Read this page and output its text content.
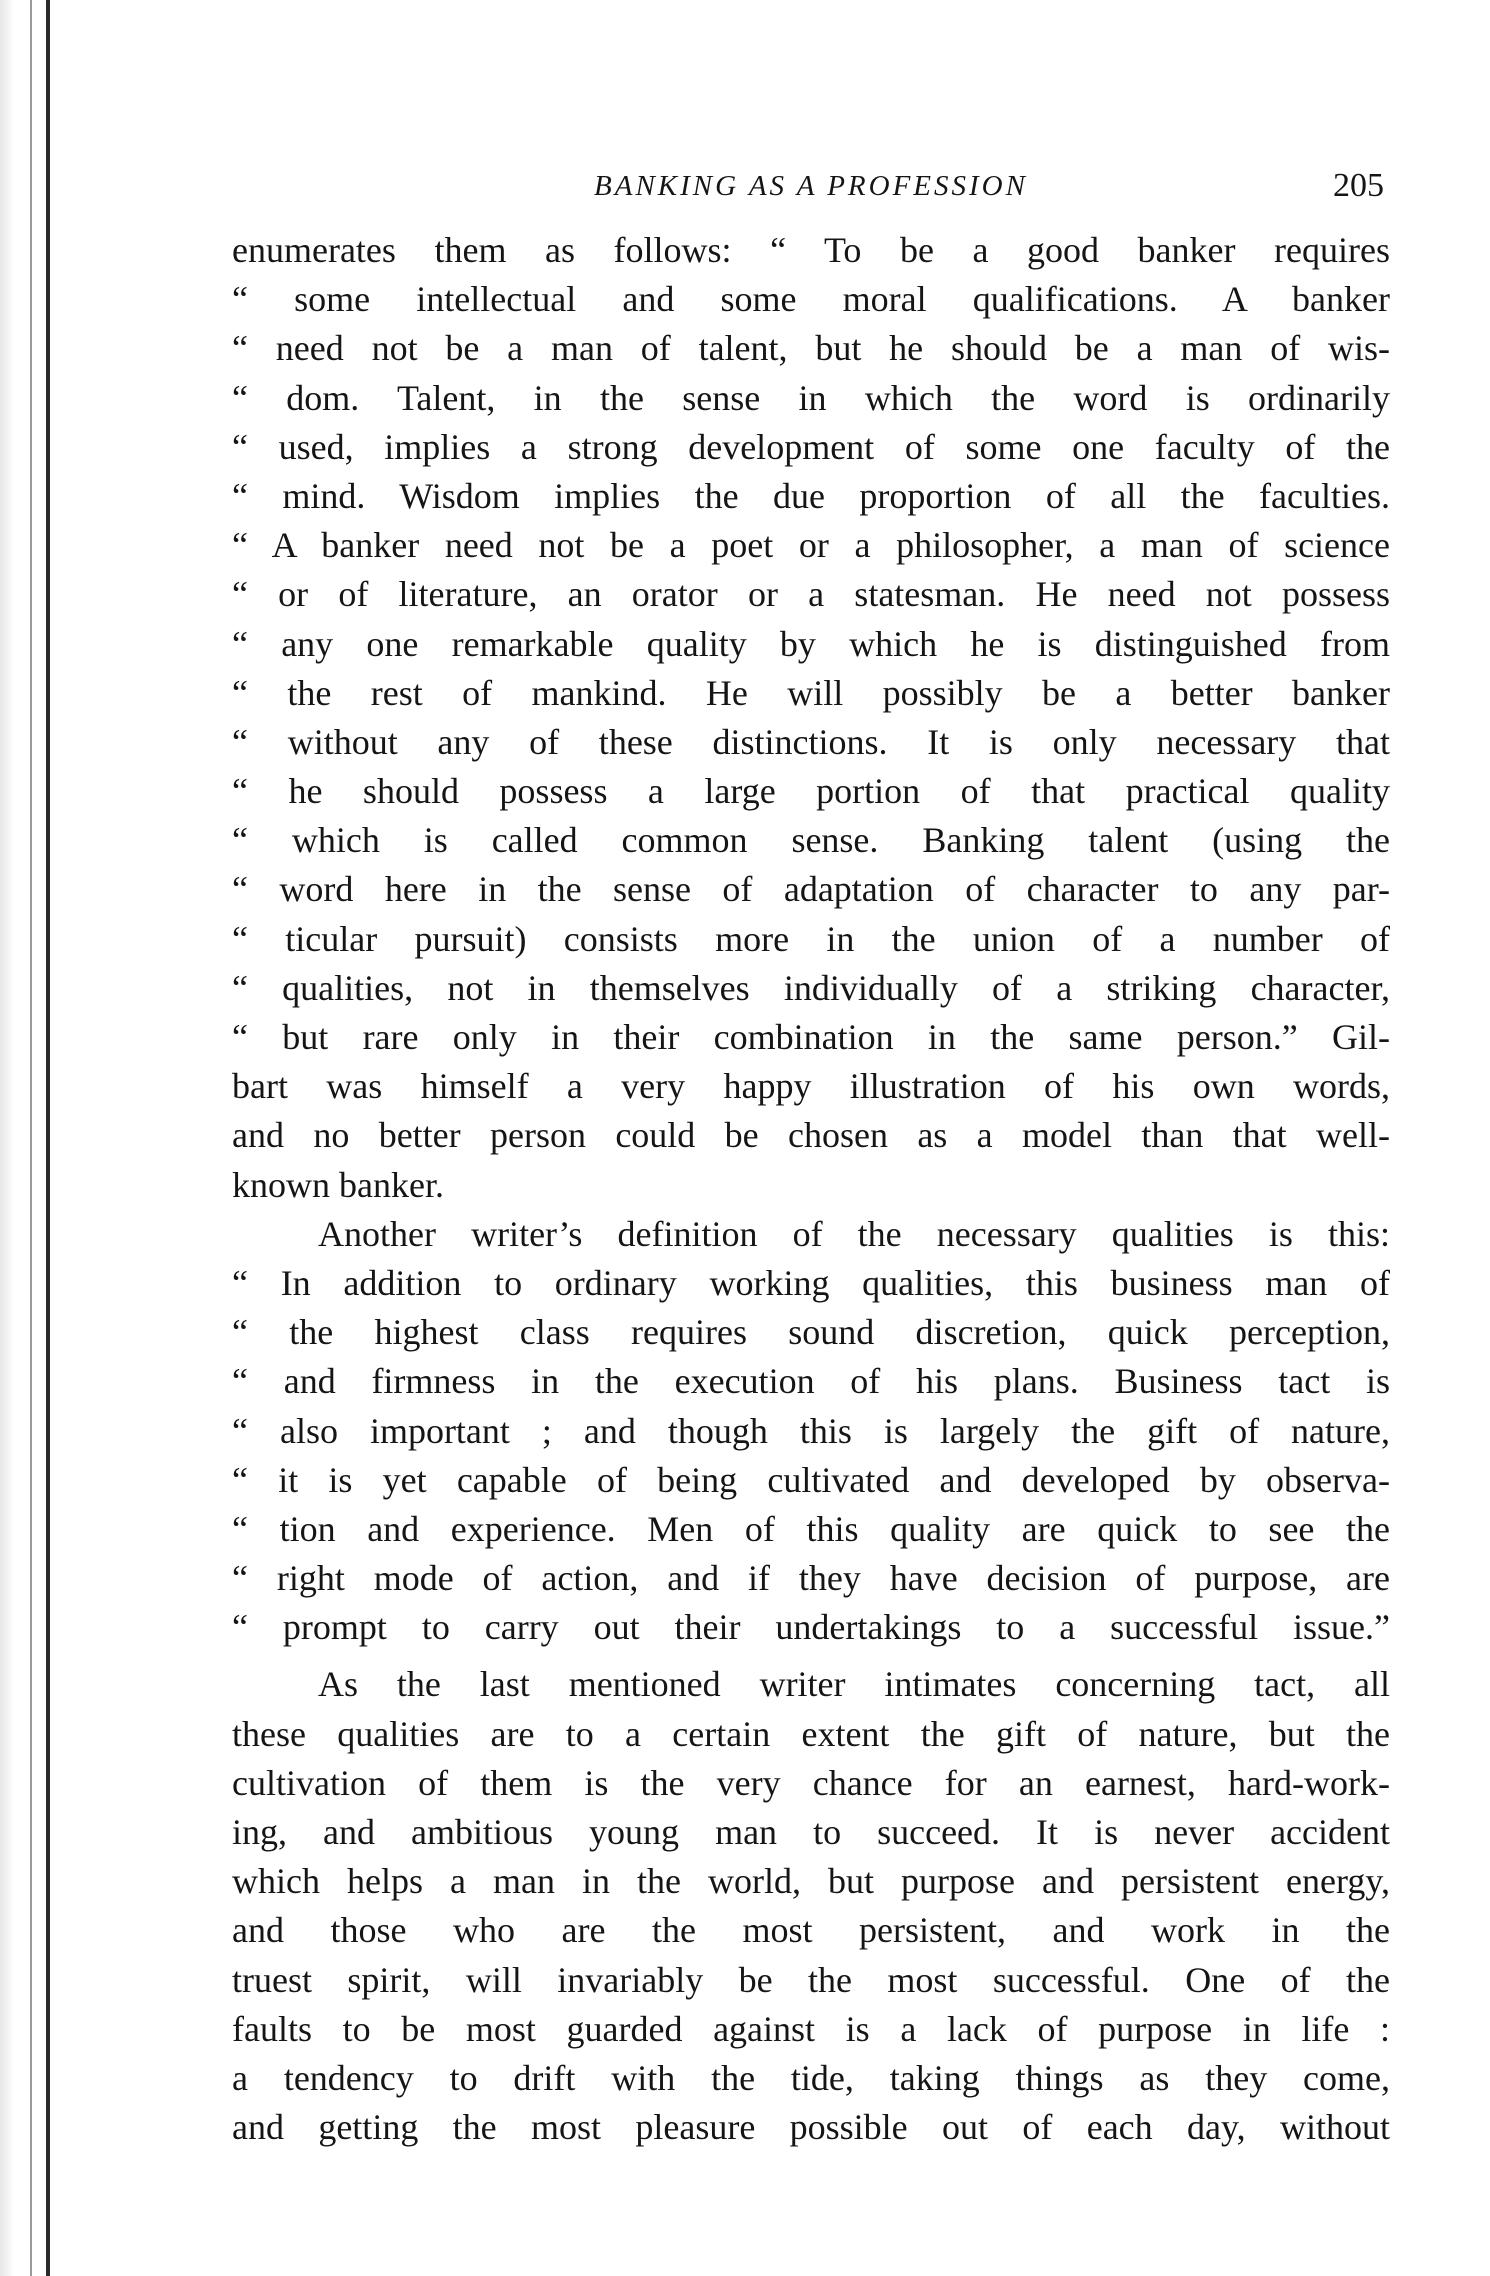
BANKING AS A PROFESSION	205
enumerates them as follows: “ To be a good banker requires
“ some intellectual and some moral qualifications. A banker
“ need not be a man of talent, but he should be a man of wis-
“ dom. Talent, in the sense in which the word is ordinarily
“ used, implies a strong development of some one faculty of the
“ mind. Wisdom implies the due proportion of all the faculties.
“ A banker need not be a poet or a philosopher, a man of science
“ or of literature, an orator or a statesman. He need not possess
“ any one remarkable quality by which he is distinguished from
“ the rest of mankind. He will possibly be a better banker
“ without any of these distinctions. It is only necessary that
“ he should possess a large portion of that practical quality
“ which is called common sense. Banking talent (using the
“ word here in the sense of adaptation of character to any par-
“ ticular pursuit) consists more in the union of a number of
“ qualities, not in themselves individually of a striking character,
“ but rare only in their combination in the same person.” Gil-
bart was himself a very happy illustration of his own words,
and no better person could be chosen as a model than that well-
known banker.
Another writer’s definition of the necessary qualities is this:
“ In addition to ordinary working qualities, this business man of
“ the highest class requires sound discretion, quick perception,
“ and firmness in the execution of his plans. Business tact is
“ also important ; and though this is largely the gift of nature,
“ it is yet capable of being cultivated and developed by observa-
“ tion and experience. Men of this quality are quick to see the
“ right mode of action, and if they have decision of purpose, are
“ prompt to carry out their undertakings to a successful issue.”
As the last mentioned writer intimates concerning tact, all
these qualities are to a certain extent the gift of nature, but the
cultivation of them is the very chance for an earnest, hard-work-
ing, and ambitious young man to succeed. It is never accident
which helps a man in the world, but purpose and persistent energy,
and those who are the most persistent, and work in the
truest spirit, will invariably be the most successful. One of the
faults to be most guarded against is a lack of purpose in life :
a tendency to drift with the tide, taking things as they come,
and getting the most pleasure possible out of each day, without
